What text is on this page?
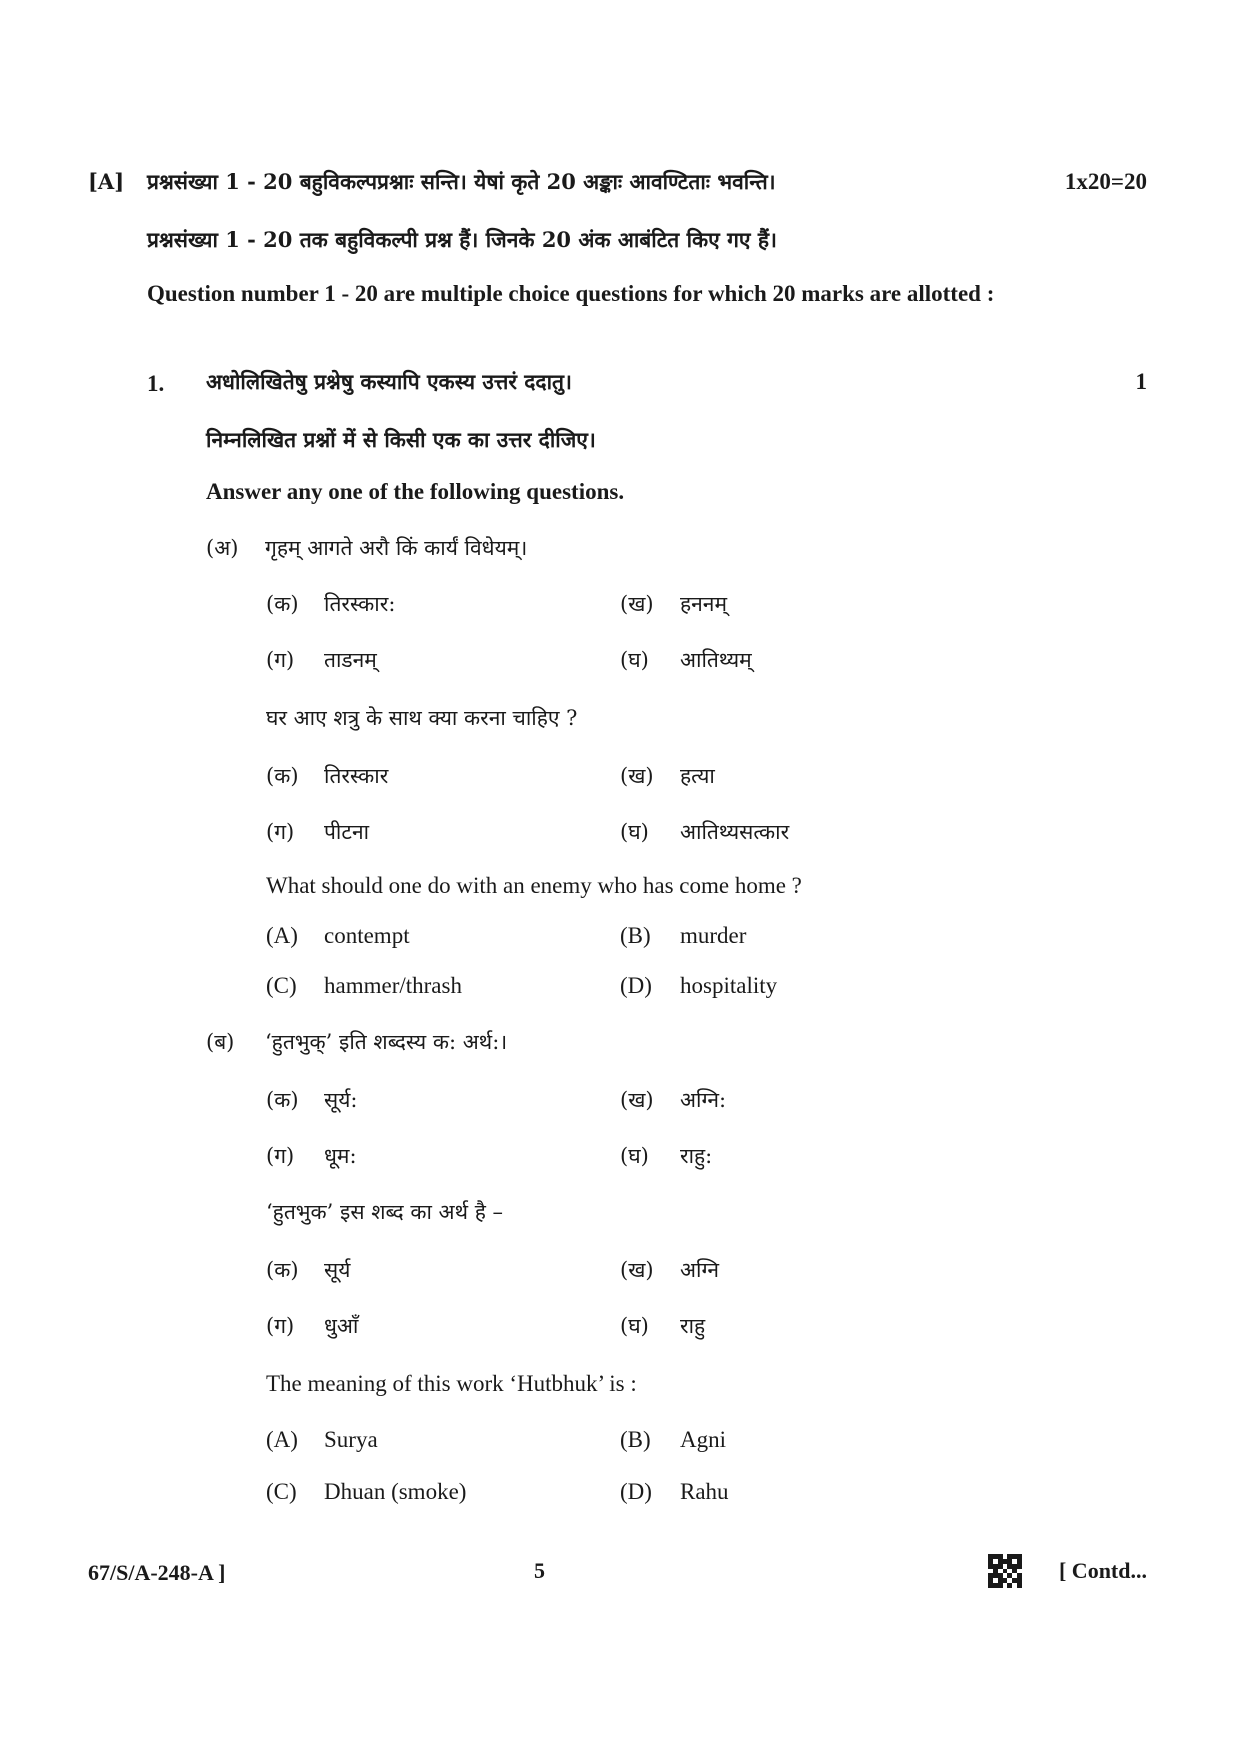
[A] प्रश्नसंख्या 1 - 20 बहुविकल्पप्रश्नाः सन्ति। येषां कृते 20 अङ्काः आवण्टिताः भवन्ति।	1x20=20
प्रश्नसंख्या 1 - 20 तक बहुविकल्पी प्रश्न हैं। जिनके 20 अंक आबंटित किए गए हैं।
Question number 1 - 20 are multiple choice questions for which 20 marks are allotted :
1. अधोलिखितेषु प्रश्नेषु कस्यापि एकस्य उत्तरं ददातु।	1
निम्नलिखित प्रश्नों में से किसी एक का उत्तर दीजिए।
Answer any one of the following questions.
(अ) गृहम् आगते अरौ किं कार्यं विधेयम्।
(क) तिरस्कार:	(ख) हननम्
(ग) ताडनम्	(घ) आतिथ्यम्
घर आए शत्रु के साथ क्या करना चाहिए ?
(क) तिरस्कार	(ख) हत्या
(ग) पीटना	(घ) आतिथ्यसत्कार
What should one do with an enemy who has come home ?
(A) contempt	(B) murder
(C) hammer/thrash	(D) hospitality
(ब) ‘हुतभुक्’ इति शब्दस्य क: अर्थ:।
(क) सूर्य:	(ख) अग्नि:
(ग) धूम:	(घ) राहु:
‘हुतभुक’ इस शब्द का अर्थ है –
(क) सूर्य	(ख) अग्नि
(ग) धुआँ	(घ) राहु
The meaning of this work ‘Hutbhuk’ is :
(A) Surya	(B) Agni
(C) Dhuan (smoke)	(D) Rahu
67/S/A-248-A ]	5	[ Contd...
